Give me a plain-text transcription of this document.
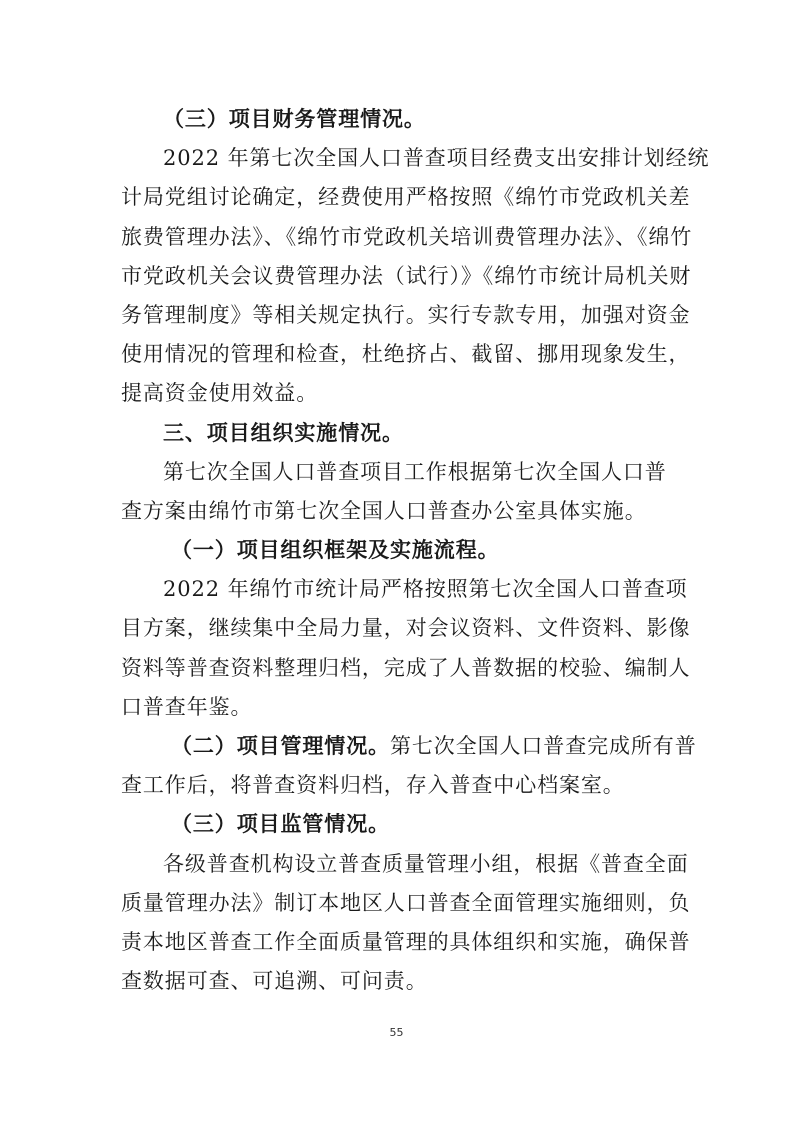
（三）项目财务管理情况。
2022 年第七次全国人口普查项目经费支出安排计划经统
计局党组讨论确定，经费使用严格按照《绵竹市党政机关差
旅费管理办法》、《绵竹市党政机关培训费管理办法》、《绵竹
市党政机关会议费管理办法（试行）》《绵竹市统计局机关财
务管理制度》等相关规定执行。实行专款专用，加强对资金
使用情况的管理和检查，杜绝挤占、截留、挪用现象发生，
提高资金使用效益。
三、项目组织实施情况。
第七次全国人口普查项目工作根据第七次全国人口普
查方案由绵竹市第七次全国人口普查办公室具体实施。
（一）项目组织框架及实施流程。
2022 年绵竹市统计局严格按照第七次全国人口普查项
目方案，继续集中全局力量，对会议资料、文件资料、影像
资料等普查资料整理归档，完成了人普数据的校验、编制人
口普查年鉴。
（二）项目管理情况。第七次全国人口普查完成所有普
查工作后，将普查资料归档，存入普查中心档案室。
（三）项目监管情况。
各级普查机构设立普查质量管理小组，根据《普查全面
质量管理办法》制订本地区人口普查全面管理实施细则，负
责本地区普查工作全面质量管理的具体组织和实施，确保普
查数据可查、可追溯、可问责。
55
